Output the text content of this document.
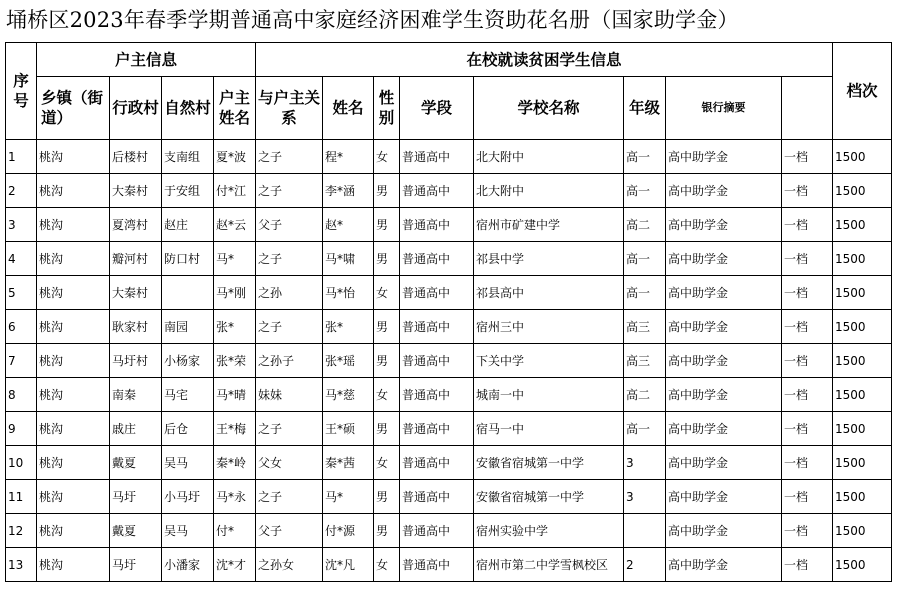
埇桥区2023年春季学期普通高中家庭经济困难学生资助花名册（国家助学金）
序号	户主信息				在校就读贫困学生信息								档次	
	乡镇（街道）	行政村	自然村	户主姓名	与户主关系	姓名	性别	学段	学校名称	年级	银行摘要			
1	桃沟	后楼村	支南组	夏*波	之子	程*	女	普通高中	北大附中	高一	高中助学金	一档	1500	
2	桃沟	大秦村	于安组	付*江	之子	李*涵	男	普通高中	北大附中	高一	高中助学金	一档	1500	
3	桃沟	夏湾村	赵庄	赵*云	父子	赵*	男	普通高中	宿州市矿建中学	高二	高中助学金	一档	1500	
4	桃沟	瓣河村	防口村	马*	之子	马*啸	男	普通高中	祁县中学	高一	高中助学金	一档	1500	
5	桃沟	大秦村		马*刚	之孙	马*怡	女	普通高中	祁县高中	高一	高中助学金	一档	1500	
6	桃沟	耿家村	南园	张*	之子	张*	男	普通高中	宿州三中	高三	高中助学金	一档	1500	
7	桃沟	马圩村	小杨家	张*荣	之孙子	张*瑶	男	普通高中	下关中学	高三	高中助学金	一档	1500	
8	桃沟	南秦	马宅	马*晴	妹妹	马*慈	女	普通高中	城南一中	高二	高中助学金	一档	1500	
9	桃沟	戚庄	后仓	王*梅	之子	王*硕	男	普通高中	宿马一中	高一	高中助学金	一档	1500	
10	桃沟	戴夏	吴马	秦*岭	父女	秦*茜	女	普通高中	安徽省宿城第一中学	3	高中助学金	一档	1500	
11	桃沟	马圩	小马圩	马*永	之子	马*	男	普通高中	安徽省宿城第一中学	3	高中助学金	一档	1500	
12	桃沟	戴夏	吴马	付*	父子	付*源	男	普通高中	宿州实验中学		高中助学金	一档	1500	
13	桃沟	马圩	小潘家	沈*才	之孙女	沈*凡	女	普通高中	宿州市第二中学雪枫校区	2	高中助学金	一档	1500	
